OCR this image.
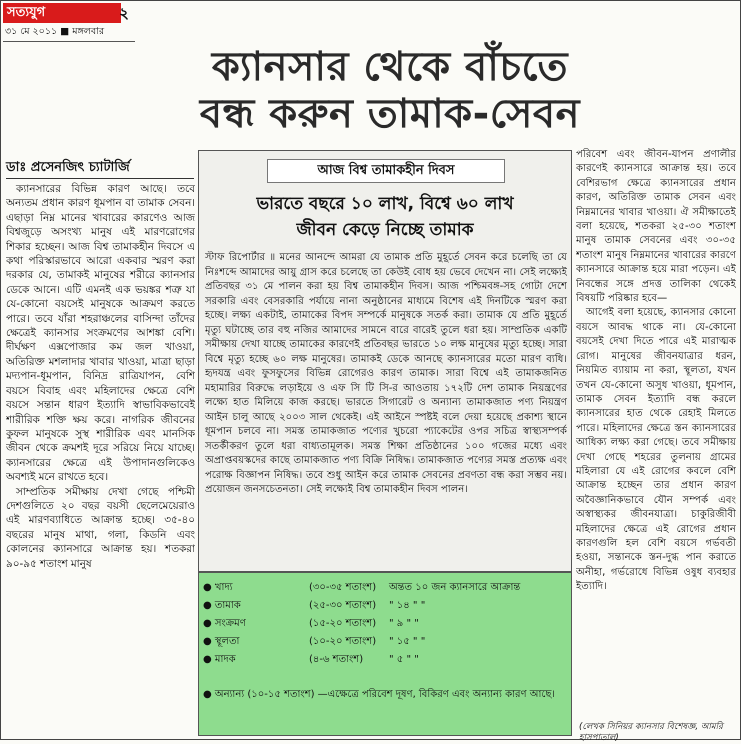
সত্যযুগ	২
৩১ মে ২০১১ ■ মঙ্গলবার
ক্যানসার থেকে বাঁচতে
বন্ধ করুন তামাক-সেবন
ডাঃ প্রসেনজিৎ চ্যাটার্জি

ক্যানসারের বিভিন্ন কারণ আছে। তবে অন্যতম প্রধান কারণ ধূমপান বা তামাক সেবন। এছাড়া নিম্ন মানের খাবারের কারণেও আজ বিশ্বজুড়ে অসংখ্য মানুষ এই মারণরোগের শিকার হচ্ছেন। আজ বিশ্ব তামাকহীন দিবসে এ কথা পরিস্কারভাবে আরো একবার স্মরণ করা দরকার যে, তামাকই মানুষের শরীরে ক্যানসার ডেকে আনে। এটি এমনই এক ভয়ঙ্কর শত্রু যা যে-কোনো বয়সেই মানুষকে আক্রমণ করতে পারে। তবে যাঁরা শহরাঞ্চলের বাসিন্দা তাঁদের ক্ষেত্রেই ক্যানসার সংক্রমণের আশঙ্কা বেশি। দীর্ঘক্ষণ এক্সপোজার কম জল খাওয়া, অতিরিক্ত মশলাদার খাবার খাওয়া, মাত্রা ছাড়া মদ্যপান-ধূমপান, বিনিদ্র রাত্রিযাপন, বেশি বয়সে বিবাহ এবং মহিলাদের ক্ষেত্রে বেশি বয়সে সন্তান ধারণ ইত্যাদি স্বাভাবিকভাবেই শারীরিক শক্তি ক্ষয় করে। নাগরিক জীবনের কুফল মানুষকে সুস্থ শারীরিক এবং মানসিক জীবন থেকে ক্রমশই দূরে সরিয়ে নিয়ে যাচ্ছে। ক্যানসারের ক্ষেত্রে এই উপাদানগুলিকেও অবশ্যই মনে রাখতে হবে।

সাম্প্রতিক সমীক্ষায় দেখা গেছে পশ্চিমী দেশগুলিতে ২০ বছর বয়সী ছেলেমেয়েরাও এই মারণব্যাধিতে আক্রান্ত হচ্ছে। ৩৫-৪০ বছরের মানুষ মাথা, গলা, কিডনি এবং কোলনের ক্যানসারে আক্রান্ত হয়। শতকরা ৯০-৯৫ শতাংশ মানুষ

আজ বিশ্ব তামাকহীন দিবস
ভারতে বছরে ১০ লাখ, বিশ্বে ৬০ লাখ
জীবন কেড়ে নিচ্ছে তামাক

স্টাফ রিপোর্টার ॥ মনের আনন্দে আমরা যে তামাক প্রতি মুহূর্তে সেবন করে চলেছি তা যে নিঃশব্দে আমাদের আয়ু গ্রাস করে চলেছে তা কেউই বোধ হয় ভেবে দেখেন না। সেই লক্ষ্যেই প্রতিবছর ৩১ মে পালন করা হয় বিশ্ব তামাকহীন দিবস। আজ পশ্চিমবঙ্গ-সহ গোটা দেশে সরকারি এবং বেসরকারি পর্যায়ে নানা অনুষ্ঠানের মাধ্যমে বিশেষ এই দিনটিকে স্মরণ করা হচ্ছে। লক্ষ্য একটাই, তামাকের বিপদ সম্পর্কে মানুষকে সতর্ক করা। তামাক যে প্রতি মুহূর্তে মৃত্যু ঘটাচ্ছে তার বহু নজির আমাদের সামনে বারে বারেই তুলে ধরা হয়। সাম্প্রতিক একটি সমীক্ষায় দেখা যাচ্ছে তামাকের কারণেই প্রতিবছর ভারতে ১০ লক্ষ মানুষের মৃত্যু হচ্ছে। সারা বিশ্বে মৃত্যু হচ্ছে ৬০ লক্ষ মানুষের। তামাকই ডেকে আনছে ক্যানসারের মতো মারণ ব্যধি। হৃদযন্ত্র এবং ফুসফুসের বিভিন্ন রোগেরও কারণ তামাক। সারা বিশ্বে এই তামাকজনিত মহামারির বিরুদ্ধে লড়াইয়ে ও এফ সি টি সি-র আওতায় ১৭২টি দেশ তামাক নিয়ন্ত্রণের লক্ষ্যে হাত মিলিয়ে কাজ করছে। ভারতে সিগারেট ও অন্যান্য তামাকজাত পণ্য নিয়ন্ত্রণ আইন চালু আছে ২০০৩ সাল থেকেই। এই আইনে স্পষ্টই বলে দেয়া হয়েছে প্রকাশ্য স্থানে ধূমপান চলবে না। সমস্ত তামাকজাত পণ্যের খুচরো প্যাকেটের ওপর সচিত্র স্বাস্থ্যসম্পর্ক সতর্কীকরণ তুলে ধরা বাধ্যতামূলক। সমস্ত শিক্ষা প্রতিষ্ঠানের ১০০ গজের মধ্যে এবং অপ্রাপ্তবয়স্কদের কাছে তামাকজাত পণ্য বিক্রি নিষিদ্ধ। তামাকজাত পণ্যের সমস্ত প্রত্যক্ষ এবং পরোক্ষ বিজ্ঞাপন নিষিদ্ধ। তবে শুধু আইন করে তামাক সেবনের প্রবণতা বন্ধ করা সম্ভব নয়। প্রয়োজন জনসচেতনতা। সেই লক্ষ্যেই বিশ্ব তামাকহীন দিবস পালন।

● খাদ্য	(৩০-৩৫ শতাংশ) অন্তত ১০ জন ক্যানসারে আক্রান্ত
● তামাক	(২৫-৩০ শতাংশ) " ১৪ " "
● সংক্রমণ	(১৫-২০ শতাংশ) " ৯ " "
● স্থূলতা	(১০-২০ শতাংশ) " ১৫ " "
● মাদক	(৪-৬ শতাংশ)	" ৫ " "
● অন্যান্য (১০-১৫ শতাংশ) —এক্ষেত্রে পরিবেশ দূষণ, বিকিরণ এবং অন্যান্য কারণ আছে।

পরিবেশ এবং জীবন-যাপন প্রণালীর কারণেই ক্যানসারে আক্রান্ত হয়। তবে বেশিরভাগ ক্ষেত্রে ক্যানসারের প্রধান কারণ, অতিরিক্ত তামাক সেবন এবং নিম্নমানের খাবার খাওয়া। ঐ সমীক্ষাতেই বলা হয়েছে, শতকরা ২৫-৩০ শতাংশ মানুষ তামাক সেবনের এবং ৩০-৩৫ শতাংশ মানুষ নিম্নমানের খাবারের কারণে ক্যানসারে আক্রান্ত হয়ে মারা পড়েন। এই নিবন্ধের সঙ্গে প্রদত্ত তালিকা থেকেই বিষয়টি পরিষ্কার হবে—

আগেই বলা হয়েছে, ক্যানসার কোনো বয়সে আবদ্ধ থাকে না। যে-কোনো বয়সেই দেখা দিতে পারে এই মারাত্মক রোগ। মানুষের জীবনযাত্রার ধরন, নিয়মিত ব্যায়াম না করা, স্থূলতা, যখন তখন যে-কোনো অসুধ খাওয়া, ধূমপান, তামাক সেবন ইত্যাদি বন্ধ করলে ক্যানসারের হাত থেকে রেহাই মিলতে পারে। মহিলাদের ক্ষেত্রে স্তন ক্যানসারের আধিক্য লক্ষ্য করা গেছে। তবে সমীক্ষায় দেখা গেছে শহরের তুলনায় গ্রামের মহিলারা যে এই রোগের কবলে বেশি আক্রান্ত হচ্ছেন তার প্রধান কারণ অবৈজ্ঞানিকভাবে যৌন সম্পর্ক এবং অস্বাস্থ্যকর জীবনযাত্রা। চাকুরিজীবী মহিলাদের ক্ষেত্রে এই রোগের প্রধান কারণগুলি হল বেশি বয়সে গর্ভবতী হওয়া, সন্তানকে স্তন-দুগ্ধ পান করাতে অনীহা, গর্ভরোধে বিভিন্ন ওষুধ ব্যবহার ইত্যাদি।

(লেখক সিনিয়র ক্যানসার বিশেষজ্ঞ, আমরি হাসপাতাল)
